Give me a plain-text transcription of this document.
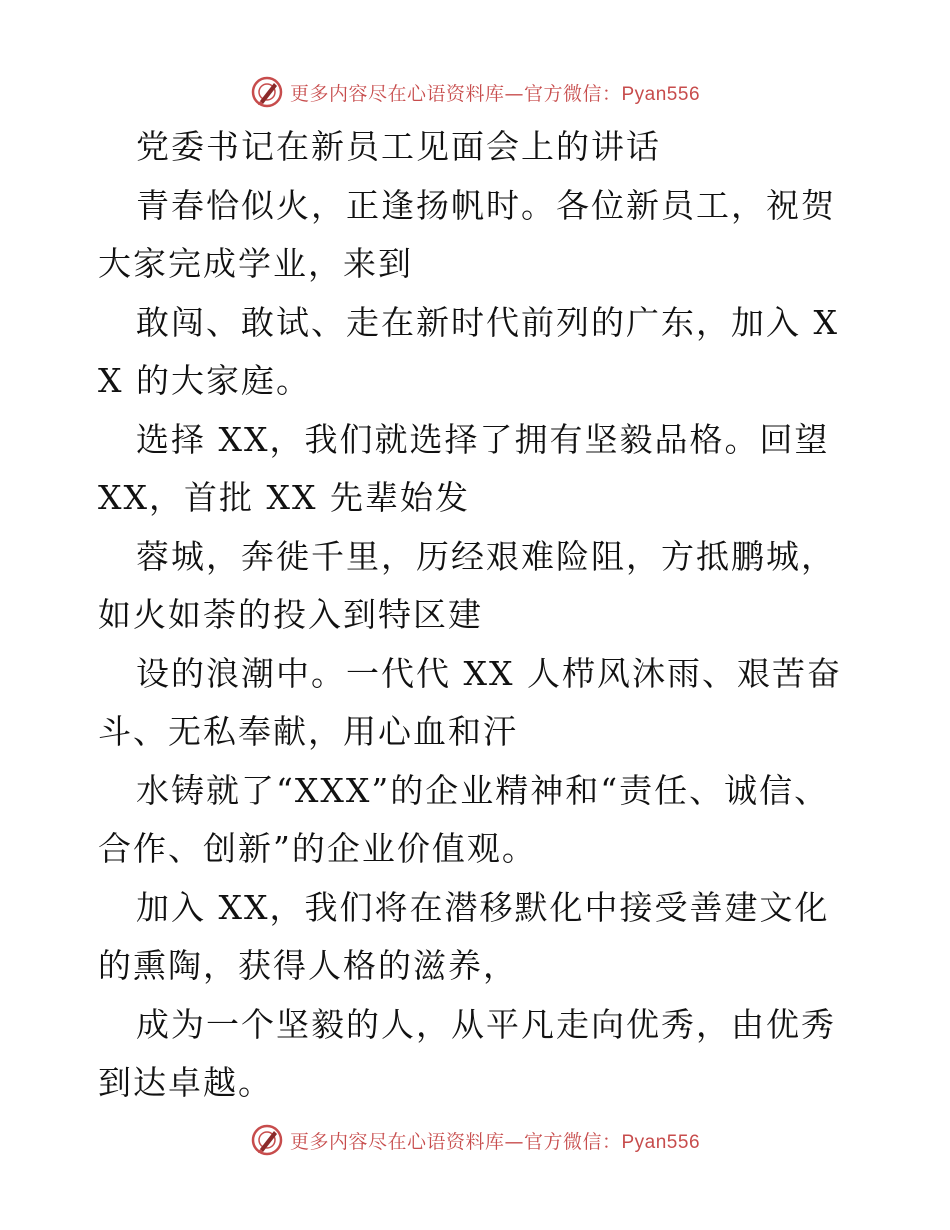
更多内容尽在心语资料库—官方微信：Pyan556

党委书记在新员工见面会上的讲话

青春恰似火，正逢扬帆时。各位新员工，祝贺大家完成学业，来到

敢闯、敢试、走在新时代前列的广东，加入 XX 的大家庭。

选择 XX，我们就选择了拥有坚毅品格。回望 XX，首批 XX 先辈始发

蓉城，奔徙千里，历经艰难险阻，方抵鹏城，如火如荼的投入到特区建

设的浪潮中。一代代 XX 人栉风沐雨、艰苦奋斗、无私奉献，用心血和汗

水铸就了“XXX”的企业精神和“责任、诚信、合作、创新”的企业价值观。

加入 XX，我们将在潜移默化中接受善建文化的熏陶，获得人格的滋养，

成为一个坚毅的人，从平凡走向优秀，由优秀到达卓越。

更多内容尽在心语资料库—官方微信：Pyan556
